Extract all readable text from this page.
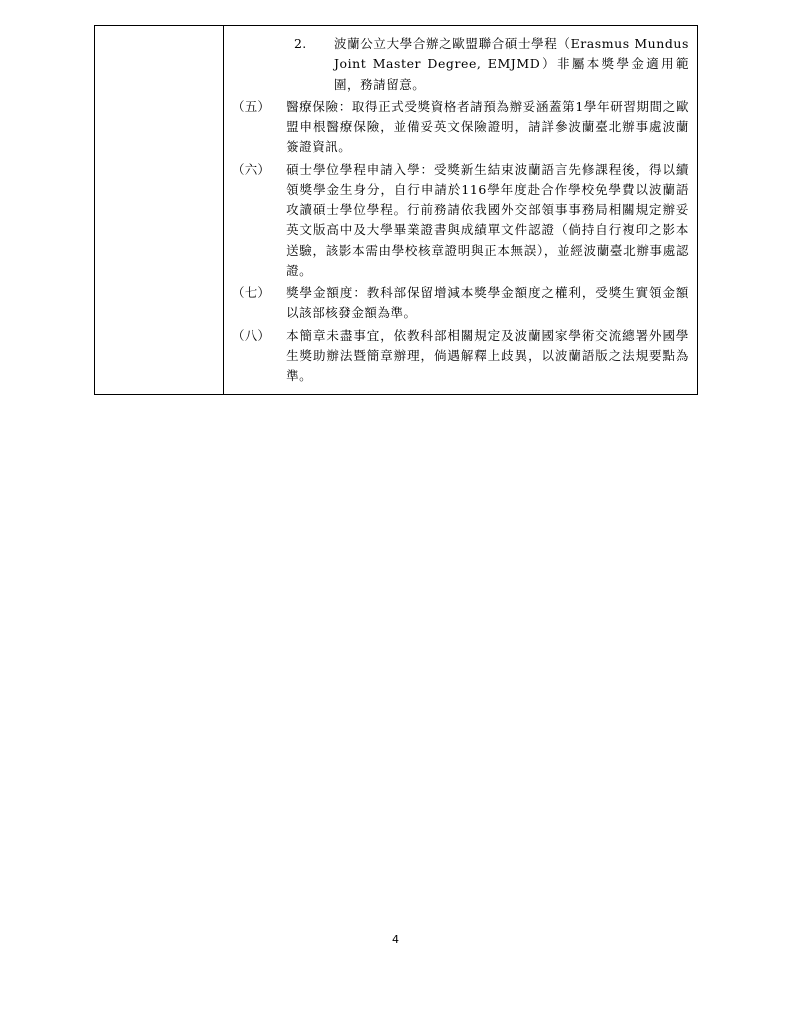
2.	波蘭公立大學合辦之歐盟聯合碩士學程（Erasmus Mundus Joint Master Degree, EMJMD）非屬本獎學金適用範圍，務請留意。
（五）	醫療保險：取得正式受獎資格者請預為辦妥涵蓋第1學年研習期間之歐盟申根醫療保險，並備妥英文保險證明，請詳參波蘭臺北辦事處波蘭簽證資訊。
（六）	碩士學位學程申請入學：受獎新生結束波蘭語言先修課程後，得以續領獎學金生身分，自行申請於116學年度赴合作學校免學費以波蘭語攻讀碩士學位學程。行前務請依我國外交部領事事務局相關規定辦妥英文版高中及大學畢業證書與成績單文件認證（倘持自行複印之影本送驗，該影本需由學校核章證明與正本無誤），並經波蘭臺北辦事處認證。
（七）	獎學金額度：教科部保留增減本獎學金額度之權利，受獎生實領金額以該部核發金額為準。
（八）	本簡章未盡事宜，依教科部相關規定及波蘭國家學術交流總署外國學生獎助辦法暨簡章辦理，倘遇解釋上歧異，以波蘭語版之法規要點為準。
4
